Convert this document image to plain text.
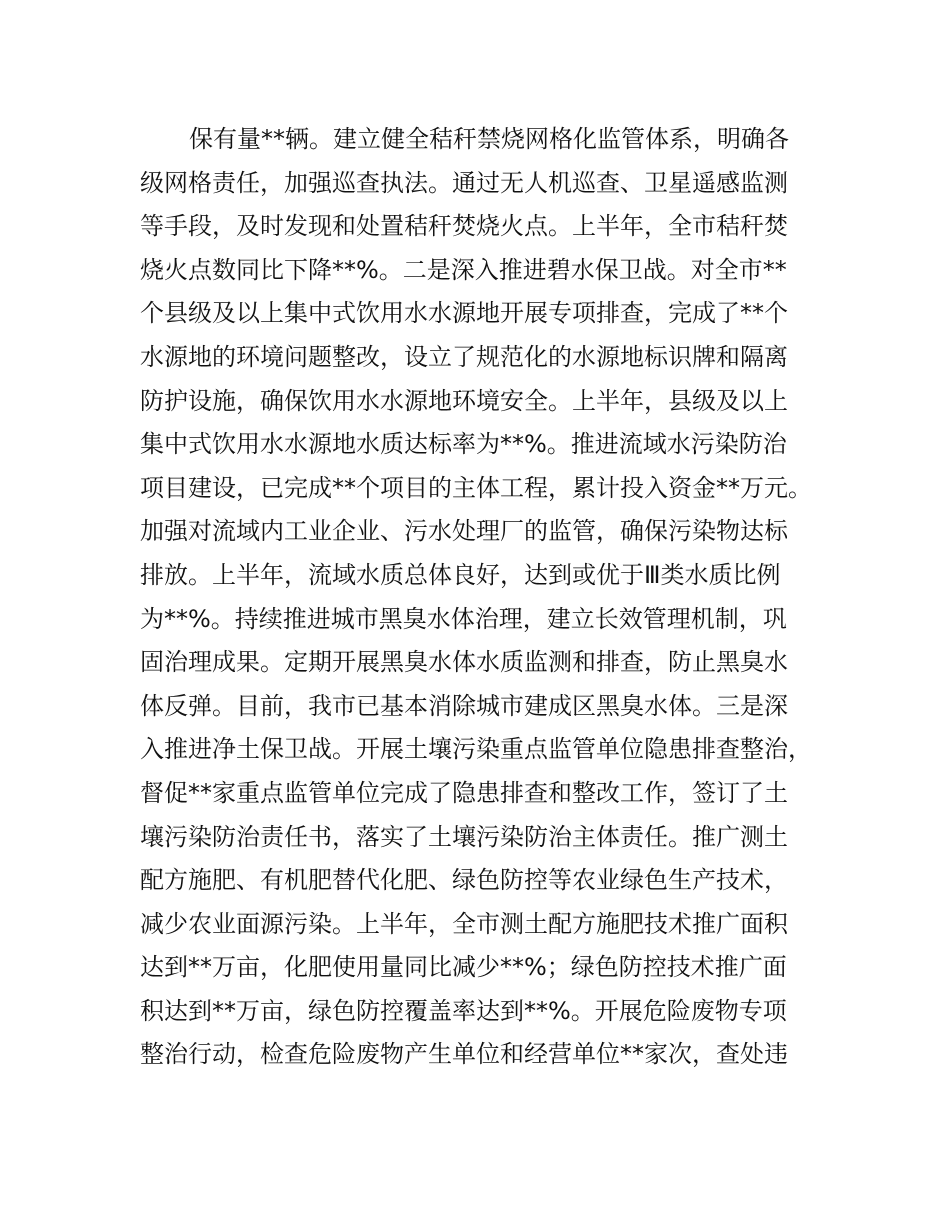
保有量**辆。建立健全秸秆禁烧网格化监管体系，明确各
级网格责任，加强巡查执法。通过无人机巡查、卫星遥感监测
等手段，及时发现和处置秸秆焚烧火点。上半年，全市秸秆焚
烧火点数同比下降**%。二是深入推进碧水保卫战。对全市**
个县级及以上集中式饮用水水源地开展专项排查，完成了**个
水源地的环境问题整改，设立了规范化的水源地标识牌和隔离
防护设施，确保饮用水水源地环境安全。上半年，县级及以上
集中式饮用水水源地水质达标率为**%。推进流域水污染防治
项目建设，已完成**个项目的主体工程，累计投入资金**万元。
加强对流域内工业企业、污水处理厂的监管，确保污染物达标
排放。上半年，流域水质总体良好，达到或优于Ⅲ类水质比例
为**%。持续推进城市黑臭水体治理，建立长效管理机制，巩
固治理成果。定期开展黑臭水体水质监测和排查，防止黑臭水
体反弹。目前，我市已基本消除城市建成区黑臭水体。三是深
入推进净土保卫战。开展土壤污染重点监管单位隐患排查整治，
督促**家重点监管单位完成了隐患排查和整改工作，签订了土
壤污染防治责任书，落实了土壤污染防治主体责任。推广测土
配方施肥、有机肥替代化肥、绿色防控等农业绿色生产技术，
减少农业面源污染。上半年，全市测土配方施肥技术推广面积
达到**万亩，化肥使用量同比减少**%；绿色防控技术推广面
积达到**万亩，绿色防控覆盖率达到**%。开展危险废物专项
整治行动，检查危险废物产生单位和经营单位**家次，查处违
